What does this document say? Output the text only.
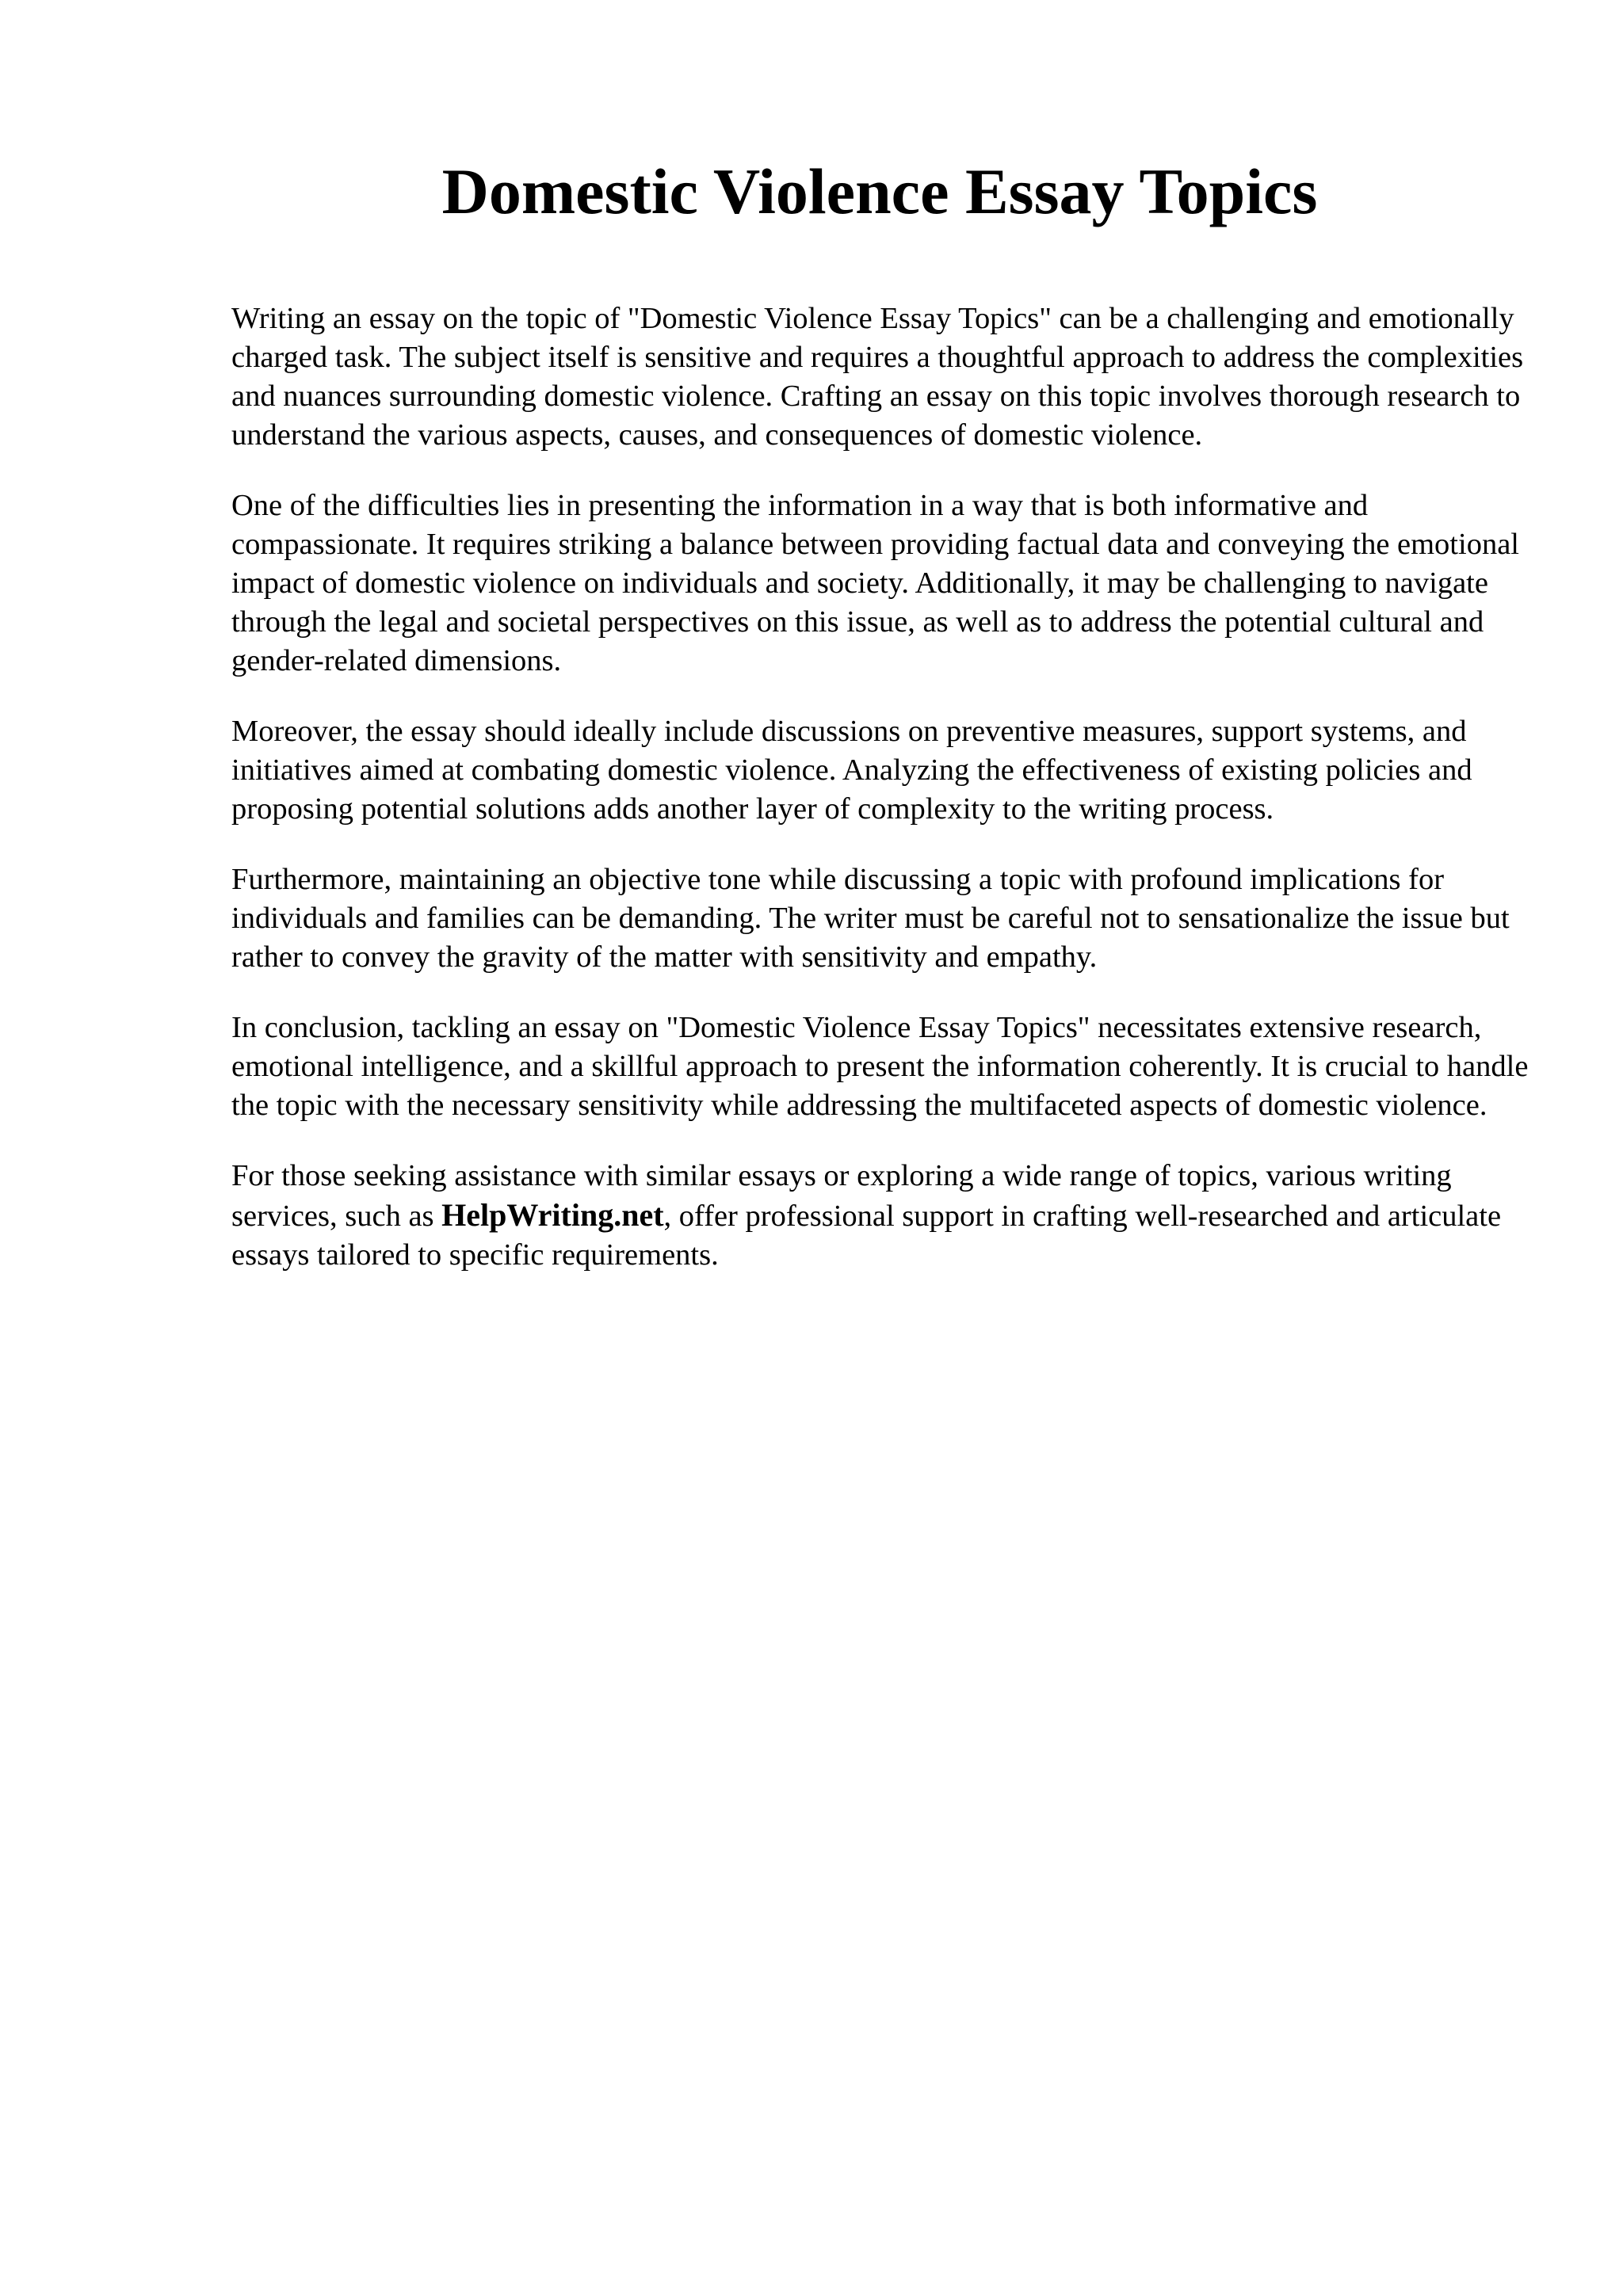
Domestic Violence Essay Topics

Writing an essay on the topic of "Domestic Violence Essay Topics" can be a challenging and emotionally charged task. The subject itself is sensitive and requires a thoughtful approach to address the complexities and nuances surrounding domestic violence. Crafting an essay on this topic involves thorough research to understand the various aspects, causes, and consequences of domestic violence.

One of the difficulties lies in presenting the information in a way that is both informative and compassionate. It requires striking a balance between providing factual data and conveying the emotional impact of domestic violence on individuals and society. Additionally, it may be challenging to navigate through the legal and societal perspectives on this issue, as well as to address the potential cultural and gender-related dimensions.

Moreover, the essay should ideally include discussions on preventive measures, support systems, and initiatives aimed at combating domestic violence. Analyzing the effectiveness of existing policies and proposing potential solutions adds another layer of complexity to the writing process.

Furthermore, maintaining an objective tone while discussing a topic with profound implications for individuals and families can be demanding. The writer must be careful not to sensationalize the issue but rather to convey the gravity of the matter with sensitivity and empathy.

In conclusion, tackling an essay on "Domestic Violence Essay Topics" necessitates extensive research, emotional intelligence, and a skillful approach to present the information coherently. It is crucial to handle the topic with the necessary sensitivity while addressing the multifaceted aspects of domestic violence.

For those seeking assistance with similar essays or exploring a wide range of topics, various writing services, such as HelpWriting.net, offer professional support in crafting well-researched and articulate essays tailored to specific requirements.
